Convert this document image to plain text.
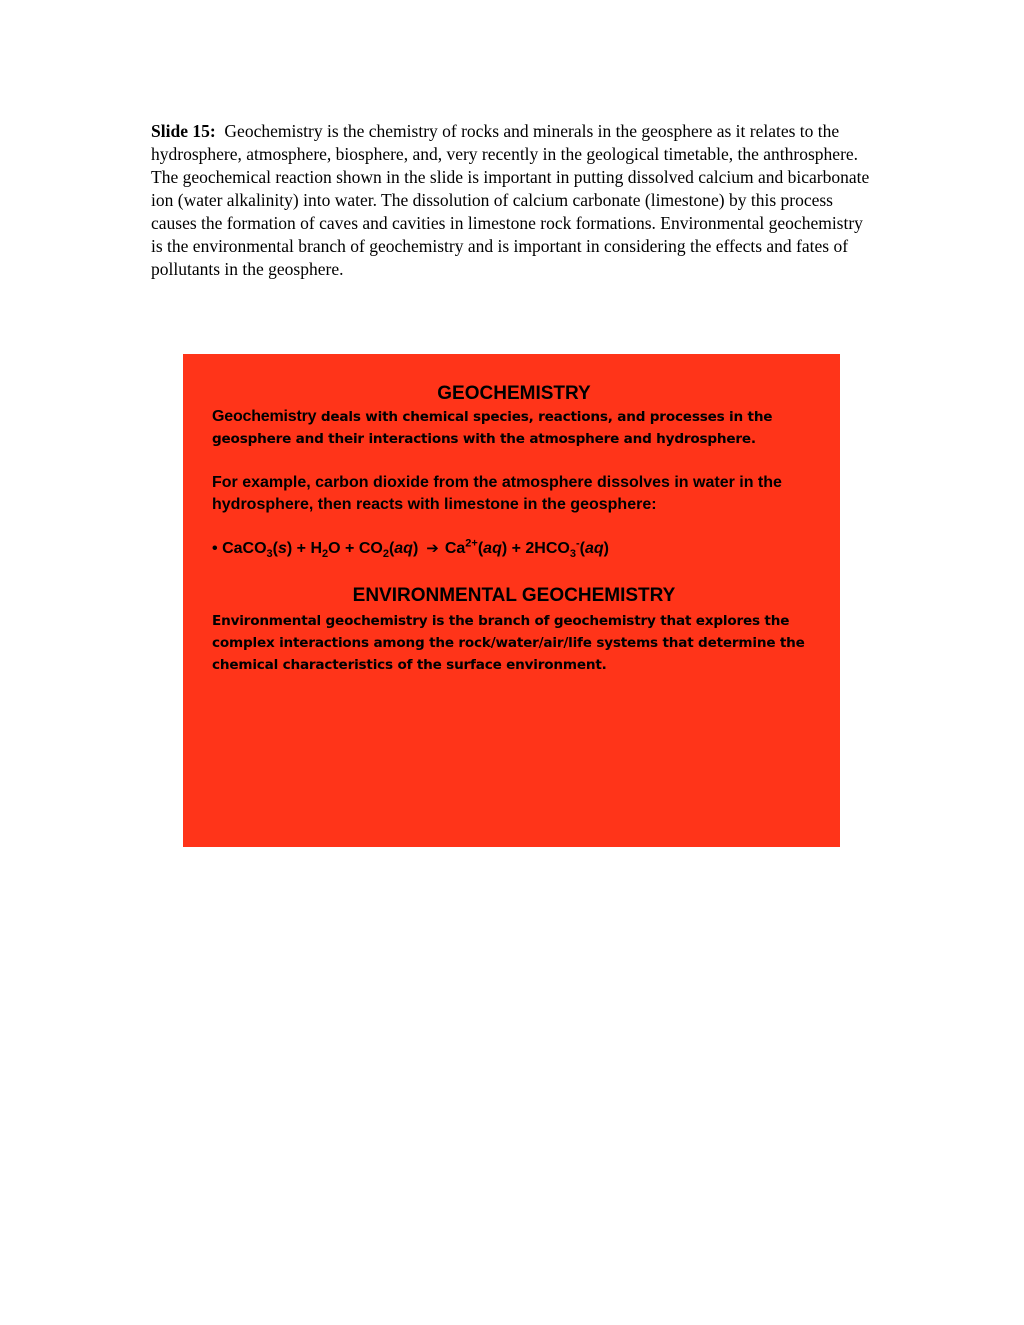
Slide 15: Geochemistry is the chemistry of rocks and minerals in the geosphere as it relates to the hydrosphere, atmosphere, biosphere, and, very recently in the geological timetable, the anthrosphere. The geochemical reaction shown in the slide is important in putting dissolved calcium and bicarbonate ion (water alkalinity) into water. The dissolution of calcium carbonate (limestone) by this process causes the formation of caves and cavities in limestone rock formations. Environmental geochemistry is the environmental branch of geochemistry and is important in considering the effects and fates of pollutants in the geosphere.

GEOCHEMISTRY

Geochemistry deals with chemical species, reactions, and processes in the geosphere and their interactions with the atmosphere and hydrosphere.

For example, carbon dioxide from the atmosphere dissolves in water in the hydrosphere, then reacts with limestone in the geosphere:

• CaCO$_3$(s) + $H_2O + CO_2(aq)$ ➔ $Ca^{2+}(aq) + 2HCO_3^-(aq)$

ENVIRONMENTAL GEOCHEMISTRY

Environmental geochemistry is the branch of geochemistry that explores the complex interactions among the rock/water/air/life systems that determine the chemical characteristics of the surface environment.
